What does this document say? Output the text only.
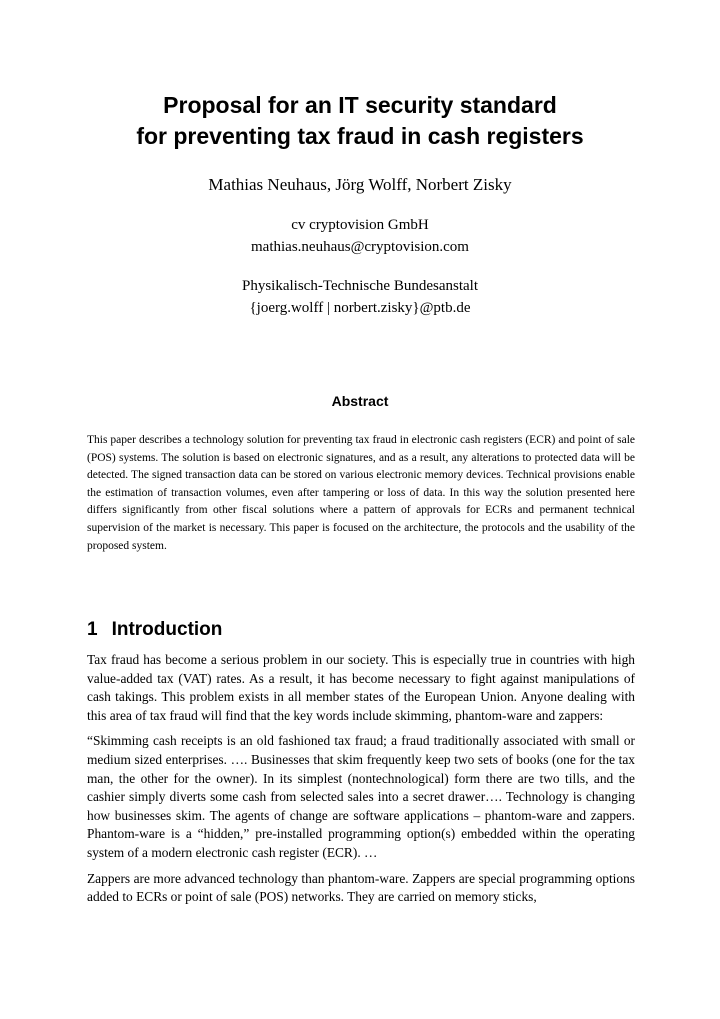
Proposal for an IT security standard
for preventing tax fraud in cash registers
Mathias Neuhaus, Jörg Wolff, Norbert Zisky
cv cryptovision GmbH
mathias.neuhaus@cryptovision.com
Physikalisch-Technische Bundesanstalt
{joerg.wolff | norbert.zisky}@ptb.de
Abstract
This paper describes a technology solution for preventing tax fraud in electronic cash registers (ECR) and point of sale (POS) systems. The solution is based on electronic signatures, and as a result, any alterations to protected data will be detected. The signed transaction data can be stored on various electronic memory devices. Technical provisions enable the estimation of transaction volumes, even after tampering or loss of data. In this way the solution presented here differs significantly from other fiscal solutions where a pattern of approvals for ECRs and permanent technical supervision of the market is necessary. This paper is focused on the architecture, the protocols and the usability of the proposed system.
1 Introduction

Tax fraud has become a serious problem in our society. This is especially true in countries with high value-added tax (VAT) rates. As a result, it has become necessary to fight against manipulations of cash takings. This problem exists in all member states of the European Union. Anyone dealing with this area of tax fraud will find that the key words include skimming, phantom-ware and zappers:

“Skimming cash receipts is an old fashioned tax fraud; a fraud traditionally associated with small or medium sized enterprises. …. Businesses that skim frequently keep two sets of books (one for the tax man, the other for the owner). In its simplest (nontechnological) form there are two tills, and the cashier simply diverts some cash from selected sales into a secret drawer…. Technology is changing how businesses skim. The agents of change are software applications – phantom-ware and zappers. Phantom-ware is a “hidden,” pre-installed programming option(s) embedded within the operating system of a modern electronic cash register (ECR). …

Zappers are more advanced technology than phantom-ware. Zappers are special programming options added to ECRs or point of sale (POS) networks. They are carried on memory sticks,
